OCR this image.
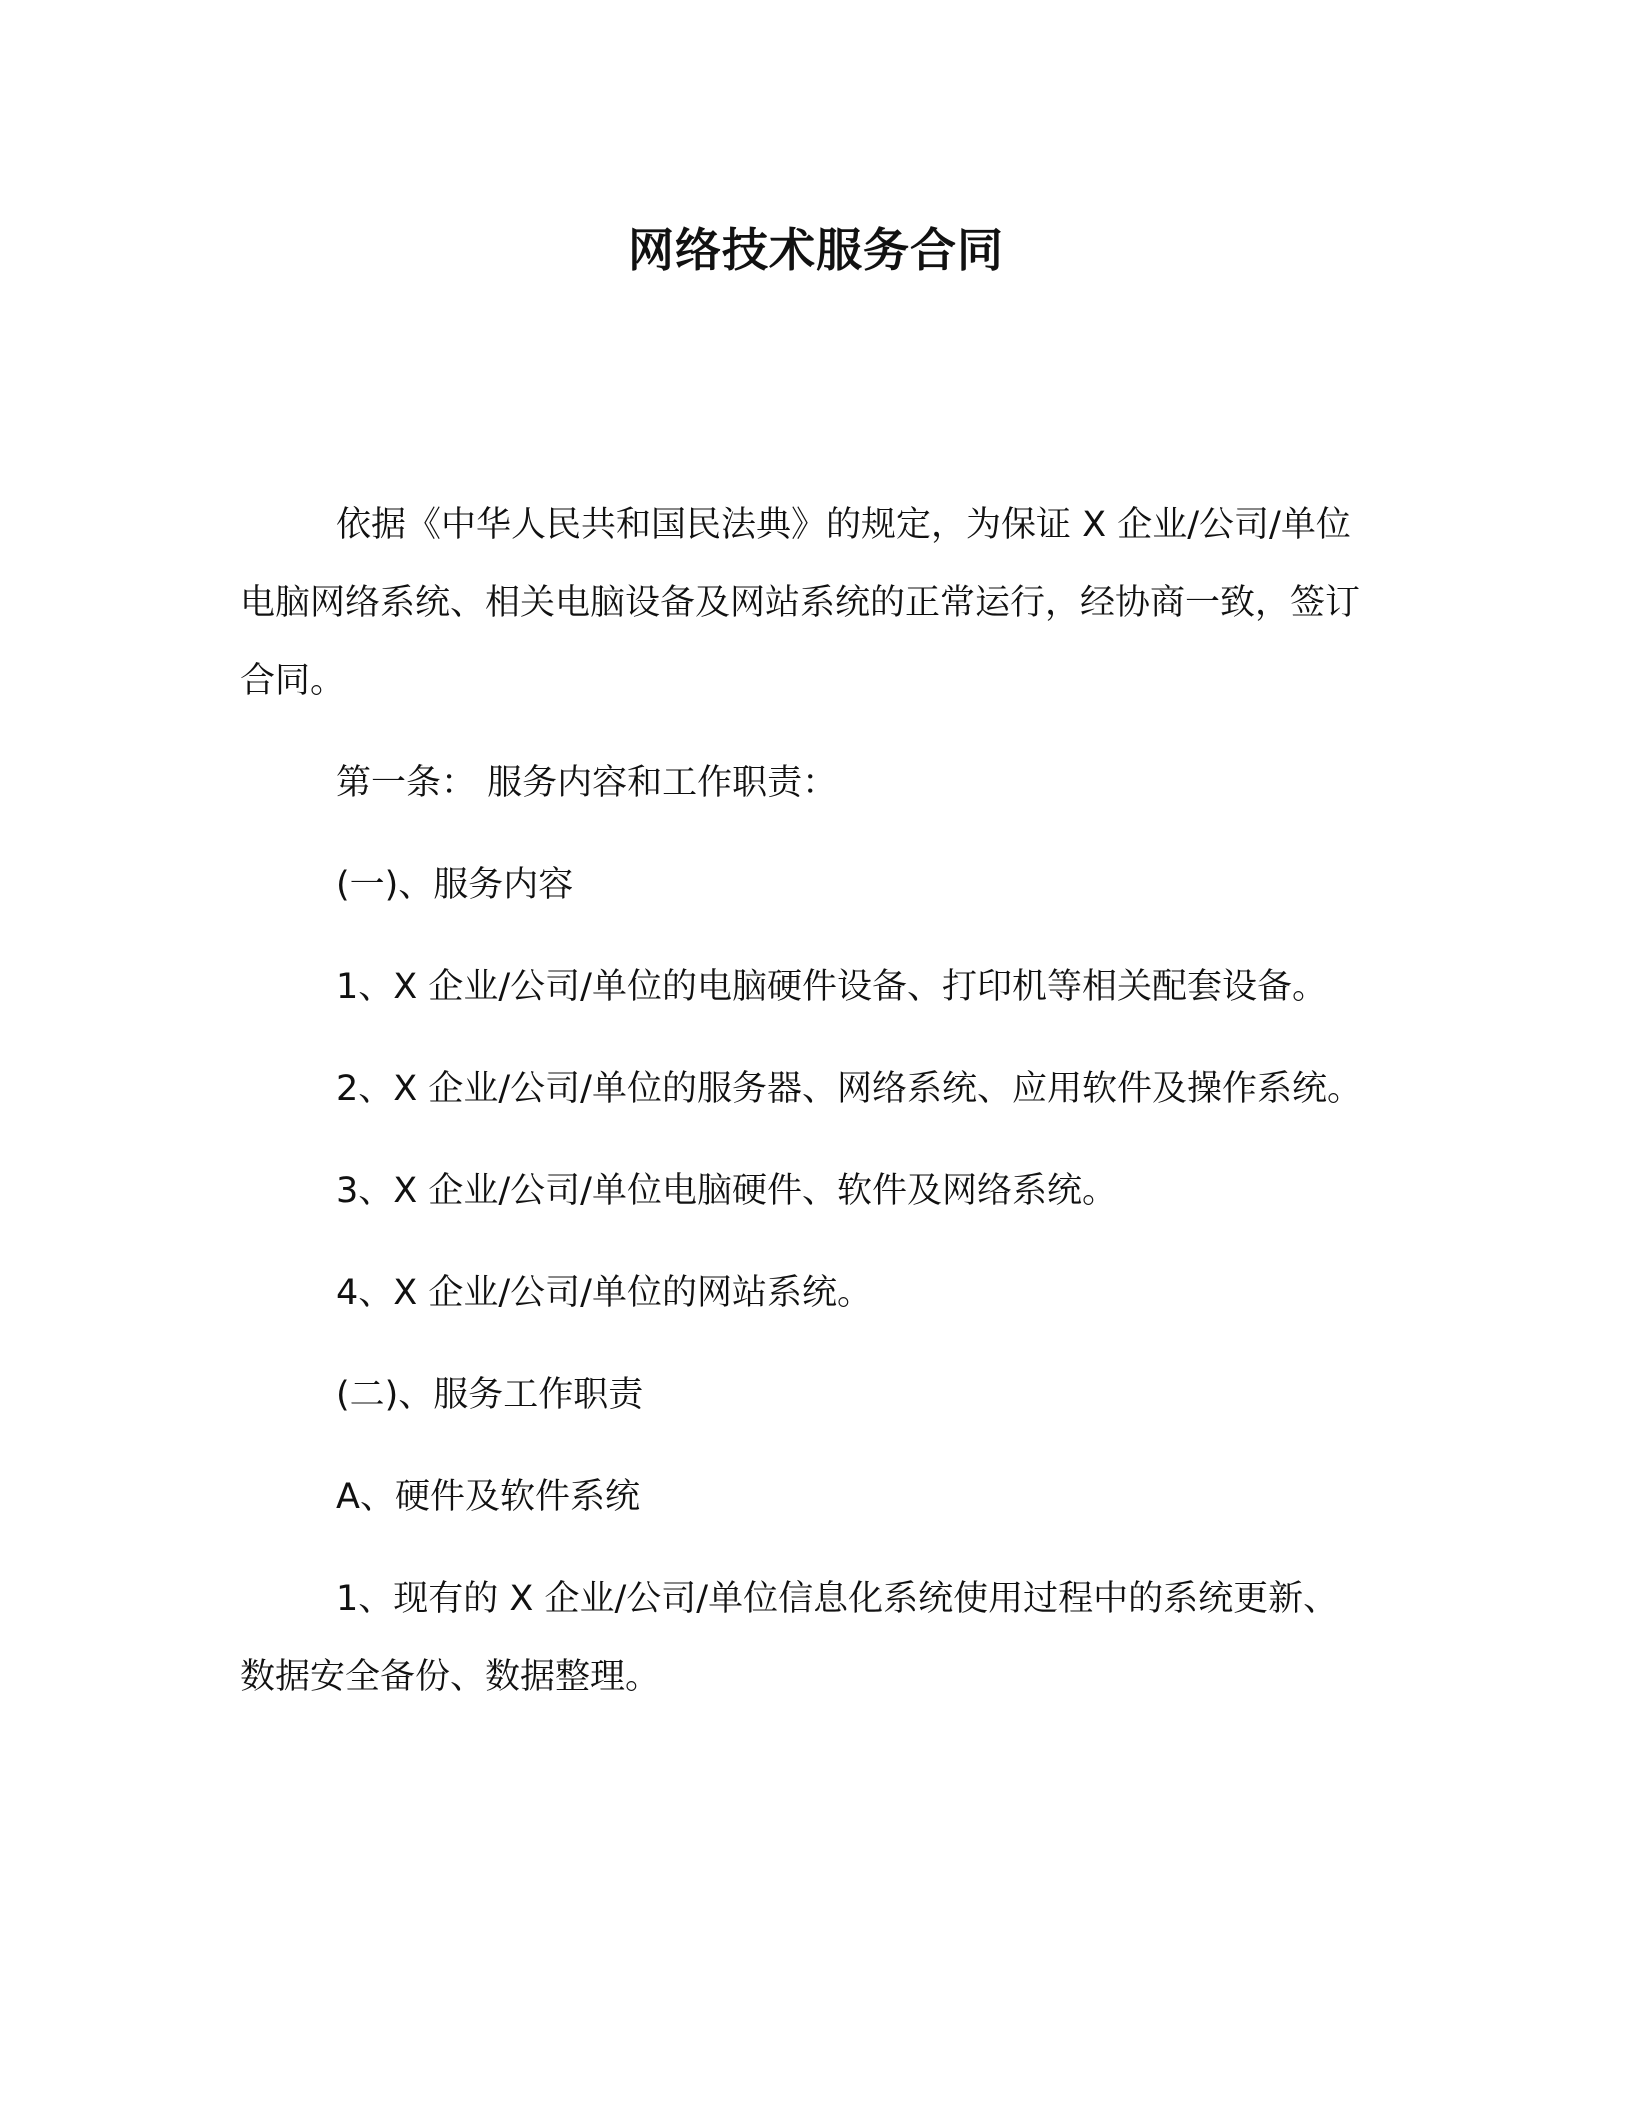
网络技术服务合同

依据《中华人民共和国民法典》的规定，为保证 X 企业/公司/单位电脑网络系统、相关电脑设备及网站系统的正常运行，经协商一致，签订合同。

第一条： 服务内容和工作职责：

(一)、服务内容

1、X 企业/公司/单位的电脑硬件设备、打印机等相关配套设备。

2、X 企业/公司/单位的服务器、网络系统、应用软件及操作系统。

3、X 企业/公司/单位电脑硬件、软件及网络系统。

4、X 企业/公司/单位的网站系统。

(二)、服务工作职责

A、硬件及软件系统

1、现有的 X 企业/公司/单位信息化系统使用过程中的系统更新、数据安全备份、数据整理。
